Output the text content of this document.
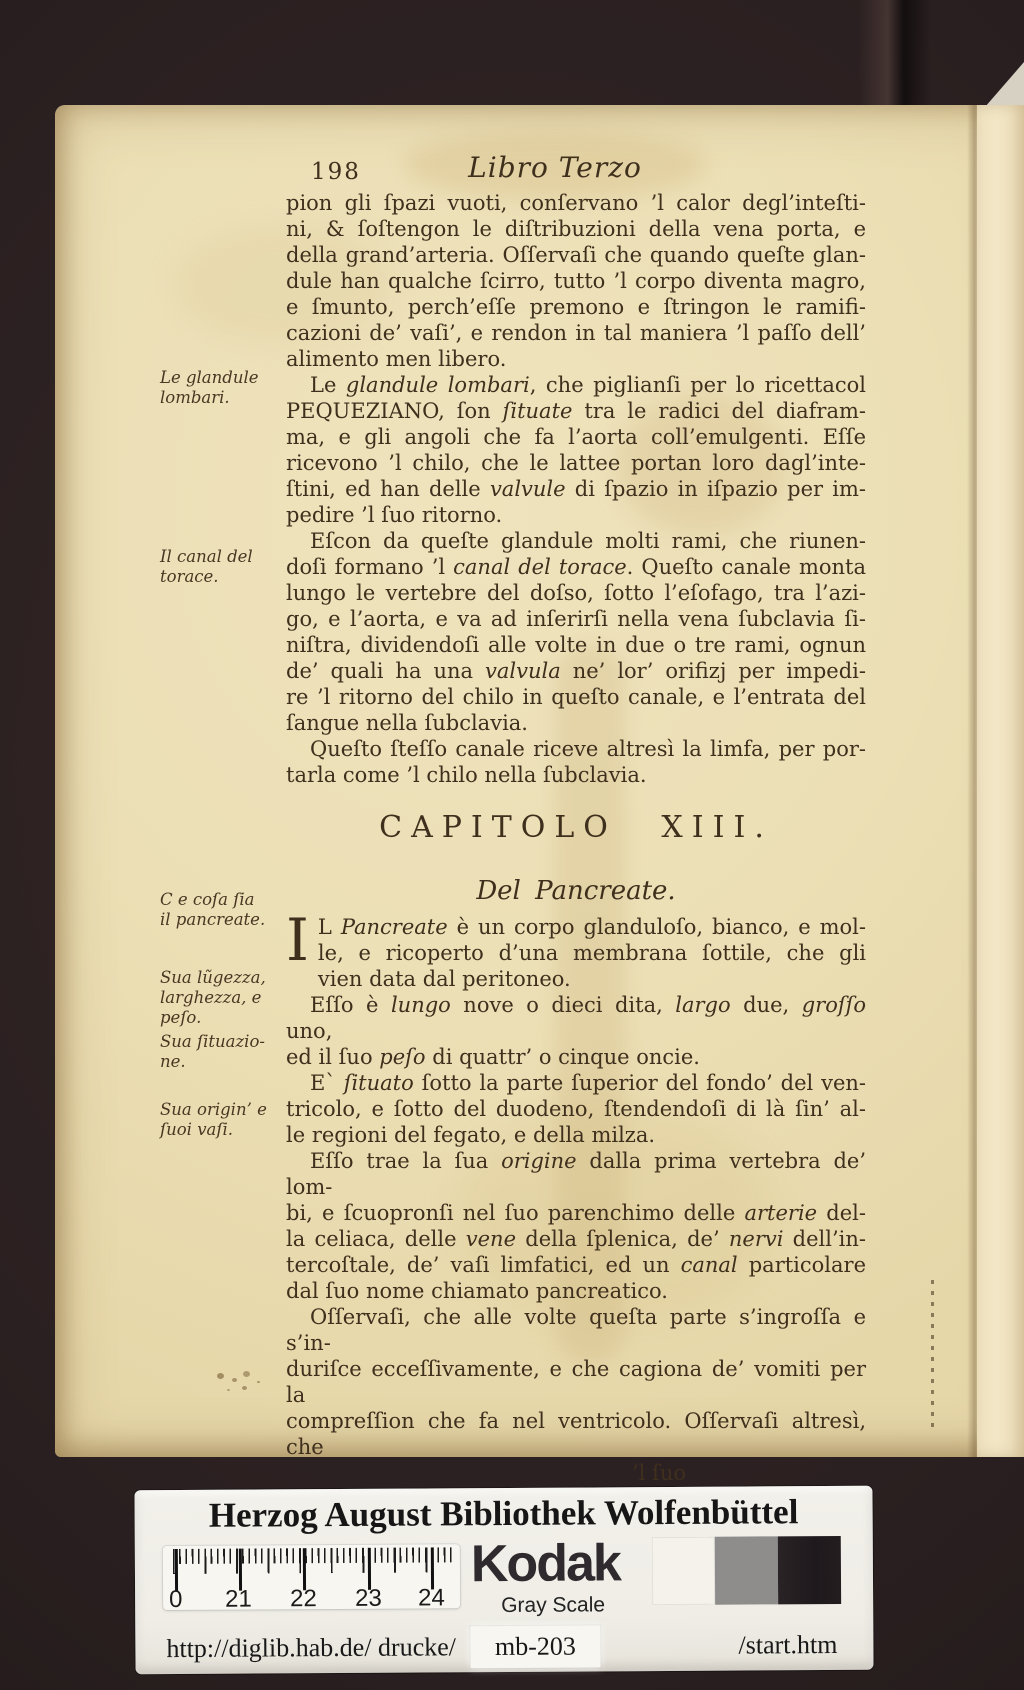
198	Libro Terzo
pion gli ſpazi vuoti, conſervano ’l calor degl’inteſti-
ni, & ſoſtengon le diſtribuzioni della vena porta, e
della grand’arteria. Oſſervaſi che quando queſte glan-
dule han qualche ſcirro, tutto ’l corpo diventa magro,
e ſmunto, perch’eſſe premono e ſtringon le ramifi-
cazioni de’ vaſi’, e rendon in tal maniera ’l paſſo dell’
alimento men libero.
Le glandule lombari, che piglianſi per lo ricettacol
PEQUEZIANO, ſon ſituate tra le radici del diafram-
ma, e gli angoli che fa l’aorta coll’emulgenti. Eſſe
ricevono ’l chilo, che le lattee portan loro dagl’inte-
ſtini, ed han delle valvule di ſpazio in iſpazio per im-
pedire ’l ſuo ritorno.
Eſcon da queſte glandule molti rami, che riunen-
doſi formano ’l canal del torace. Queſto canale monta
lungo le vertebre del doſso, ſotto l’eſofago, tra l’azi-
go, e l’aorta, e va ad inſerirſi nella vena ſubclavia ſi-
niſtra, dividendoſi alle volte in due o tre rami, ognun
de’ quali ha una valvula ne’ lor’ orifizj per impedi-
re ’l ritorno del chilo in queſto canale, e l’entrata del
ſangue nella ſubclavia.
Queſto ſteſſo canale riceve altresì la limfa, per por-
tarla come ’l chilo nella ſubclavia.
CAPITOLO XIII.
Del Pancreate.
I L Pancreate è un corpo glanduloſo, bianco, e mol-
le, e ricoperto d’una membrana ſottile, che gli
vien data dal peritoneo.
Eſſo è lungo nove o dieci dita, largo due, groſſo uno,
ed il ſuo peſo di quattr’ o cinque oncie.
E` ſituato ſotto la parte ſuperior del fondo’ del ven-
tricolo, e ſotto del duodeno, ſtendendoſi di là ſin’ al-
le regioni del fegato, e della milza.
Eſſo trae la ſua origine dalla prima vertebra de’ lom-
bi, e ſcuopronſi nel ſuo parenchimo delle arterie del-
la celiaca, delle vene della ſplenica, de’ nervi dell’in-
tercoſtale, de’ vaſi limfatici, ed un canal particolare
dal ſuo nome chiamato pancreatico.
Oſſervaſi, che alle volte queſta parte s’ingroſſa e s’in-
duriſce ecceſſivamente, e che cagiona de’ vomiti per la
compreſſion che fa nel ventricolo. Oſſervaſi altresì, che
’l ſuo
Le glandule
lombari.
Il canal del
torace.
C e coſa ſia
il pancreate.
Sua lũgezza,
larghezza, e
peſo.
Sua ſituazio-
ne.
Sua origin’ e
ſuoi vaſi.
Herzog August Bibliothek Wolfenbüttel
0 21 22 23 24
Kodak
Gray Scale
http://diglib.hab.de/ drucke/	mb-203	/start.htm
